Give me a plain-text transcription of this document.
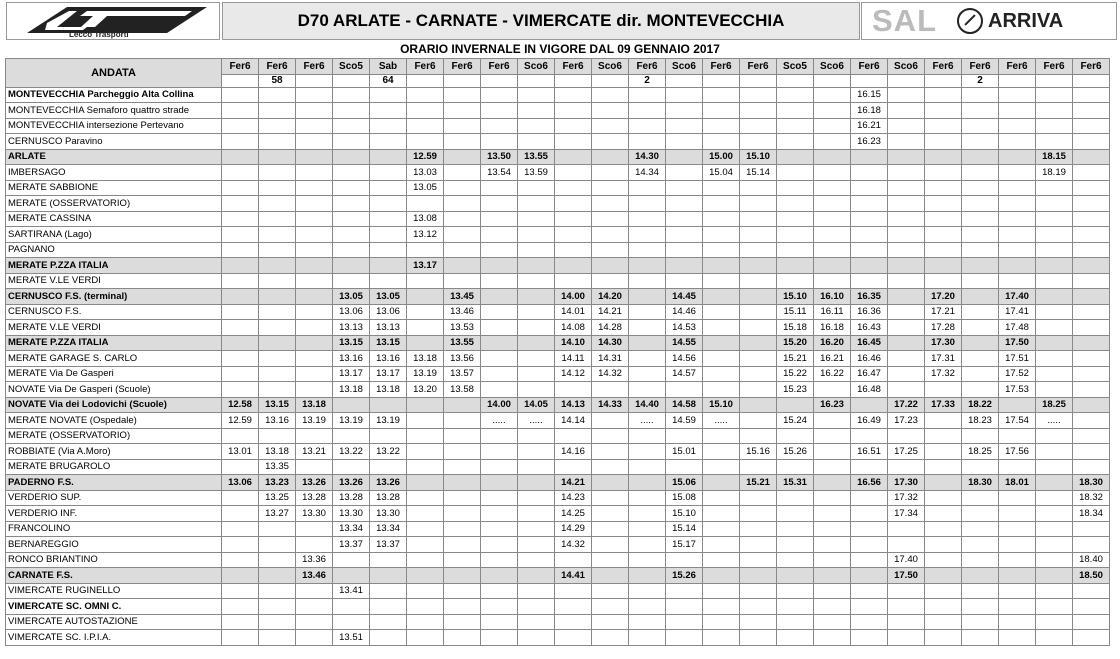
Lecco Trasporti
D70 ARLATE - CARNATE - VIMERCATE dir. MONTEVECCHIA	SAL	ARRIVA
ORARIO INVERNALE IN VIGORE DAL 09 GENNAIO 2017
ANDATA	Fer6	Fer6	Fer6	Sco5	Sab	Fer6	Fer6	Fer6	Sco6	Fer6	Sco6	Fer6	Sco6	Fer6	Fer6	Sco5	Sco6	Fer6	Sco6	Fer6	Fer6	Fer6	Fer6	Fer6
		58			64							2									2			
MONTEVECCHIA Parcheggio Alta Collina																		16.15						
MONTEVECCHIA Semaforo quattro strade																		16.18						
MONTEVECCHIA intersezione Pertevano																		16.21						
CERNUSCO Paravino																		16.23						
ARLATE						12.59		13.50	13.55			14.30		15.00	15.10								18.15	
IMBERSAGO						13.03		13.54	13.59			14.34		15.04	15.14								18.19	
MERATE SABBIONE						13.05																		
MERATE (OSSERVATORIO)																								
MERATE CASSINA						13.08																		
SARTIRANA (Lago)						13.12																		
PAGNANO																								
MERATE P.ZZA ITALIA						13.17																		
MERATE V.LE VERDI																								
CERNUSCO F.S. (terminal)				13.05	13.05		13.45			14.00	14.20		14.45			15.10	16.10	16.35		17.20		17.40		
CERNUSCO F.S.				13.06	13.06		13.46			14.01	14.21		14.46			15.11	16.11	16.36		17.21		17.41		
MERATE V.LE VERDI				13.13	13.13		13.53			14.08	14.28		14.53			15.18	16.18	16.43		17.28		17.48		
MERATE P.ZZA ITALIA				13.15	13.15		13.55			14.10	14.30		14.55			15.20	16.20	16.45		17.30		17.50		
MERATE GARAGE S. CARLO				13.16	13.16	13.18	13.56			14.11	14.31		14.56			15.21	16.21	16.46		17.31		17.51		
MERATE Via De Gasperi				13.17	13.17	13.19	13.57			14.12	14.32		14.57			15.22	16.22	16.47		17.32		17.52		
NOVATE Via De Gasperi (Scuole)				13.18	13.18	13.20	13.58									15.23		16.48				17.53		
NOVATE Via dei Lodovichi (Scuole)	12.58	13.15	13.18					14.00	14.05	14.13	14.33	14.40	14.58	15.10			16.23		17.22	17.33	18.22		18.25	
MERATE NOVATE (Ospedale)	12.59	13.16	13.19	13.19	13.19			.....	.....	14.14		.....	14.59	.....		15.24		16.49	17.23		18.23	17.54	.....	
MERATE (OSSERVATORIO)																								
ROBBIATE (Via A.Moro)	13.01	13.18	13.21	13.22	13.22					14.16			15.01		15.16	15.26		16.51	17.25		18.25	17.56		
MERATE BRUGAROLO		13.35																						
PADERNO F.S.	13.06	13.23	13.26	13.26	13.26					14.21			15.06		15.21	15.31		16.56	17.30		18.30	18.01		18.30
VERDERIO SUP.		13.25	13.28	13.28	13.28					14.23			15.08						17.32					18.32
VERDERIO INF.		13.27	13.30	13.30	13.30					14.25			15.10						17.34					18.34
FRANCOLINO				13.34	13.34					14.29			15.14											
BERNAREGGIO				13.37	13.37					14.32			15.17											
RONCO BRIANTINO			13.36																17.40					18.40
CARNATE F.S.			13.46							14.41			15.26						17.50					18.50
VIMERCATE RUGINELLO				13.41																				
VIMERCATE SC. OMNI C.																								
VIMERCATE AUTOSTAZIONE																								
VIMERCATE SC. I.P.I.A.				13.51																				
